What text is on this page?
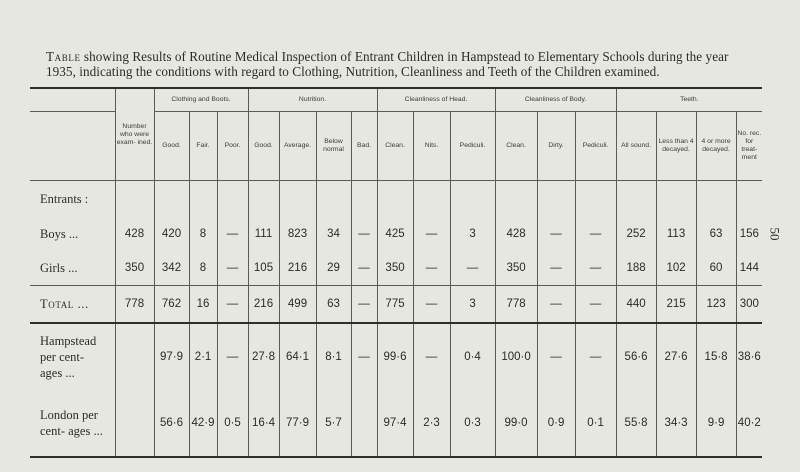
Table showing Results of Routine Medical Inspection of Entrant Children in Hampstead to Elementary Schools during the year 1935, indicating the conditions with regard to Clothing, Nutrition, Cleanliness and Teeth of the Children examined.
50
	Number who were exam- ined.	Clothing and Boots.			Nutrition.				Cleanliness of Head.			Cleanliness of Body.			Teeth.			
		Good.	Fair.	Poor.	Good.	Average.	Below normal	Bad.	Clean.	Nits.	Pediculi.	Clean.	Dirty.	Pediculi.	All sound.	Less than 4 decayed.	4 or more decayed.	No. rec. for treat- ment
Entrants :																		
Boys ...	428	420	8	—	111	823	34	—	425	—	3	428	—	—	252	113	63	156
Girls ...	350	342	8	—	105	216	29	—	350	—	—	350	—	—	188	102	60	144
Total ...	778	762	16	—	216	499	63	—	775	—	3	778	—	—	440	215	123	300
Hampstead per cent- ages ...		97·9	2·1	—	27·8	64·1	8·1	—	99·6	—	0·4	100·0	—	—	56·6	27·6	15·8	38·6
London per cent- ages ...		56·6	42·9	0·5	16·4	77·9	5·7		97·4	2·3	0·3	99·0	0·9	0·1	55·8	34·3	9·9	40·2
